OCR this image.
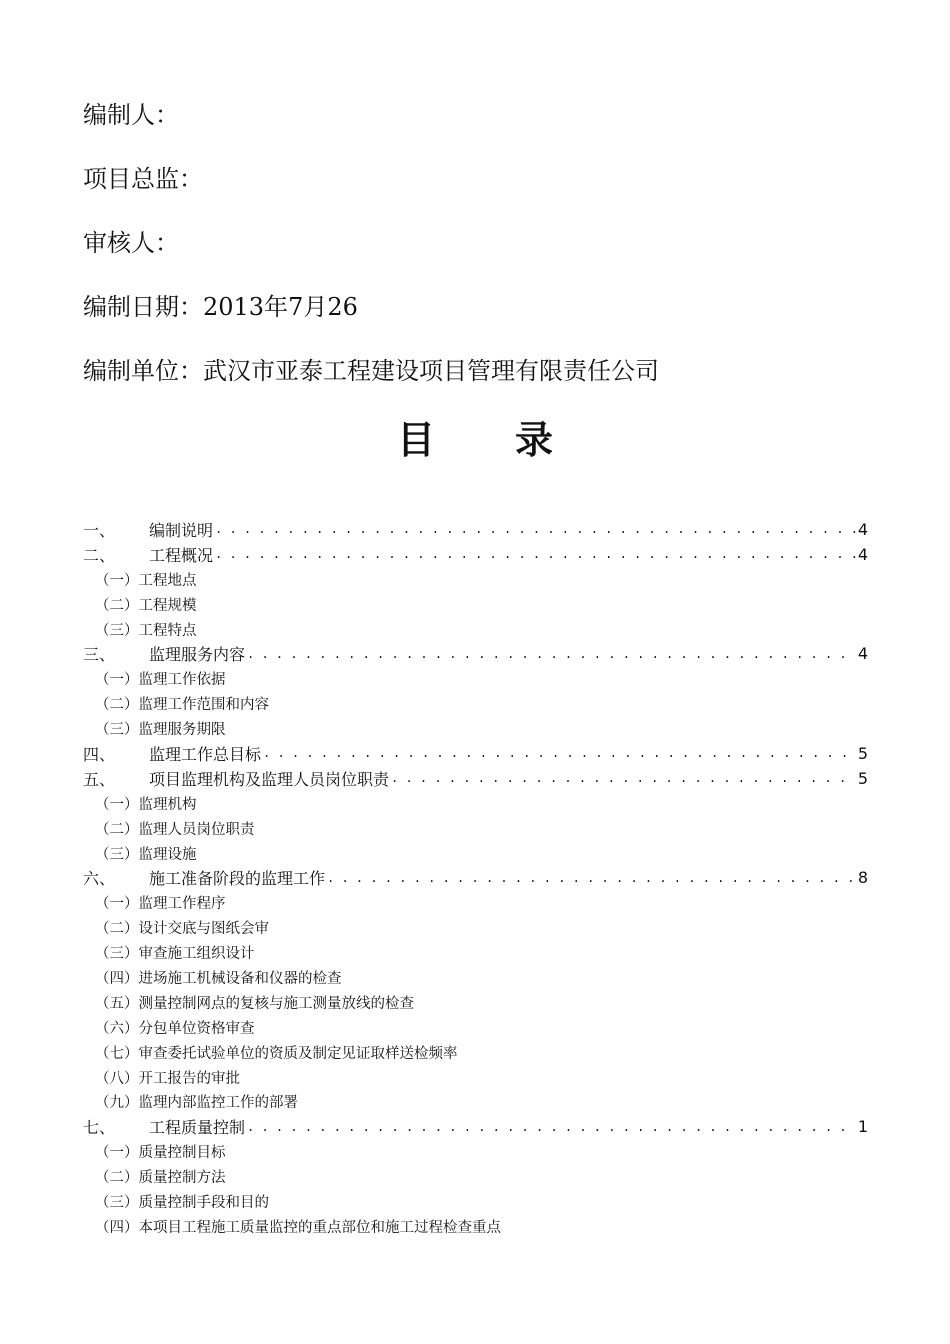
编制人：
项目总监：
审核人：
编制日期：2013年7月26
编制单位：武汉市亚泰工程建设项目管理有限责任公司
目录
一、	编制说明 . . .	4
二、	工程概况 . . .	4
（一）工程地点
（二）工程规模
（三）工程特点
三、	监理服务内容 . . .	4
（一）监理工作依据
（二）监理工作范围和内容
（三）监理服务期限
四、	监理工作总目标 . . .	5
五、	项目监理机构及监理人员岗位职责 . . .	5
（一）监理机构
（二）监理人员岗位职责
（三）监理设施
六、	施工准备阶段的监理工作 . . .	8
（一）监理工作程序
（二）设计交底与图纸会审
（三）审查施工组织设计
（四）进场施工机械设备和仪器的检查
（五）测量控制网点的复核与施工测量放线的检查
（六）分包单位资格审查
（七）审查委托试验单位的资质及制定见证取样送检频率
（八）开工报告的审批
（九）监理内部监控工作的部署
七、	工程质量控制 . . .	1
（一）质量控制目标
（二）质量控制方法
（三）质量控制手段和目的
（四）本项目工程施工质量监控的重点部位和施工过程检查重点
